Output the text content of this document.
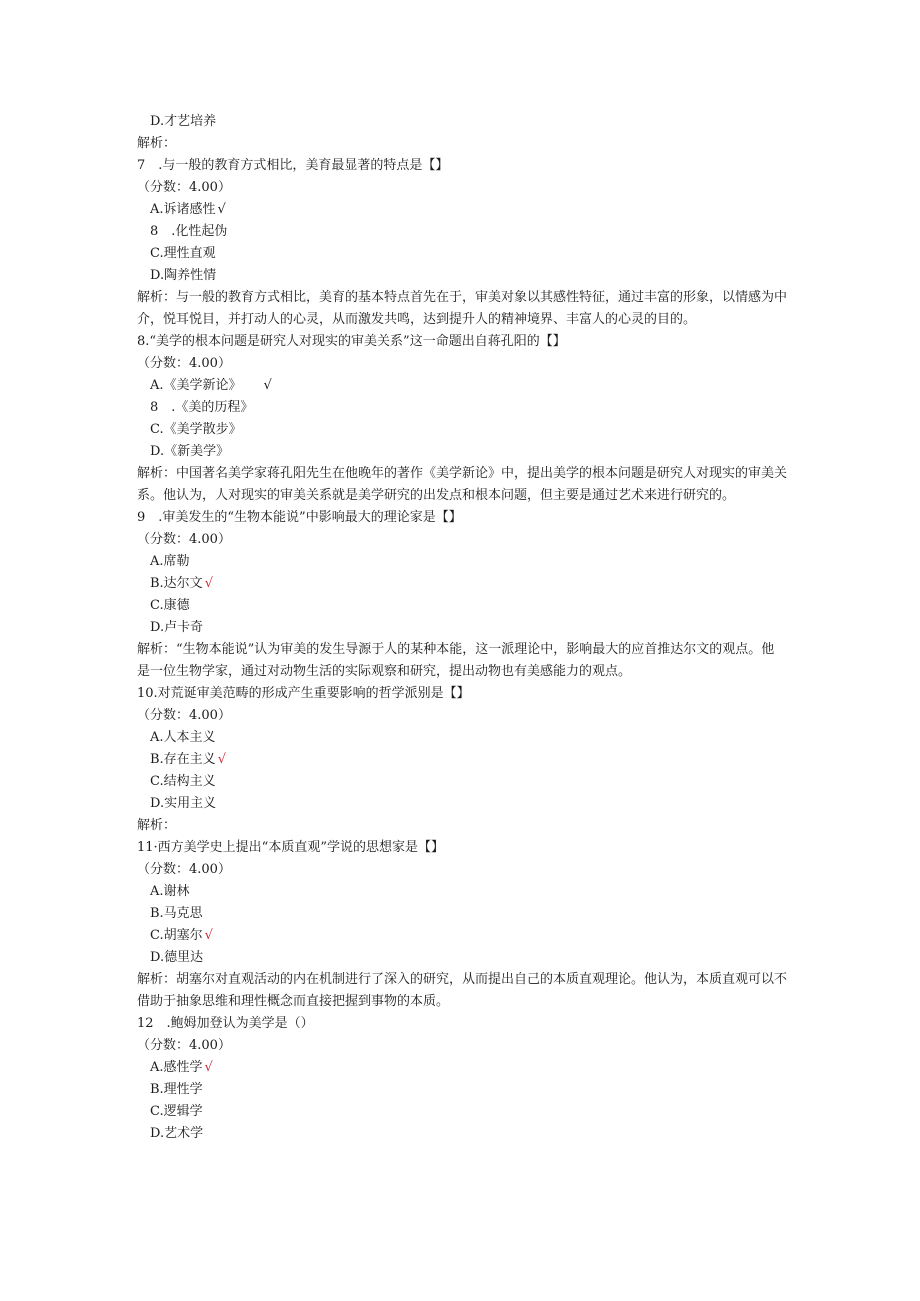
D.才艺培养
解析：
7　.与一般的教育方式相比，美育最显著的特点是【】
（分数：4.00）
A.诉诸感性 √
8　.化性起伪
C.理性直观
D.陶养性情
解析：与一般的教育方式相比，美育的基本特点首先在于，审美对象以其感性特征，通过丰富的形象，以情感为中介，悦耳悦目，并打动人的心灵，从而激发共鸣，达到提升人的精神境界、丰富人的心灵的目的。
8.“美学的根本问题是研究人对现实的审美关系”这一命题出自蒋孔阳的【】
（分数：4.00）
A.《美学新论》 √
8　.《美的历程》
C.《美学散步》
D.《新美学》
解析：中国著名美学家蒋孔阳先生在他晚年的著作《美学新论》中，提出美学的根本问题是研究人对现实的审美关系。他认为，人对现实的审美关系就是美学研究的出发点和根本问题，但主要是通过艺术来进行研究的。
9　.审美发生的“生物本能说”中影响最大的理论家是【】
（分数：4.00）
A.席勒
B.达尔文 √
C.康德
D.卢卡奇
解析：“生物本能说”认为审美的发生导源于人的某种本能，这一派理论中，影响最大的应首推达尔文的观点。他是一位生物学家，通过对动物生活的实际观察和研究，提出动物也有美感能力的观点。
10.对荒诞审美范畴的形成产生重要影响的哲学派别是【】
（分数：4.00）
A.人本主义
B.存在主义 √
C.结构主义
D.实用主义
解析：
11·西方美学史上提出“本质直观”学说的思想家是【】
（分数：4.00）
A.谢林
B.马克思
C.胡塞尔 √
D.德里达
解析：胡塞尔对直观活动的内在机制进行了深入的研究，从而提出自己的本质直观理论。他认为，本质直观可以不借助于抽象思维和理性概念而直接把握到事物的本质。
12　.鲍姆加登认为美学是（）
（分数：4.00）
A.感性学 √
B.理性学
C.逻辑学
D.艺术学
